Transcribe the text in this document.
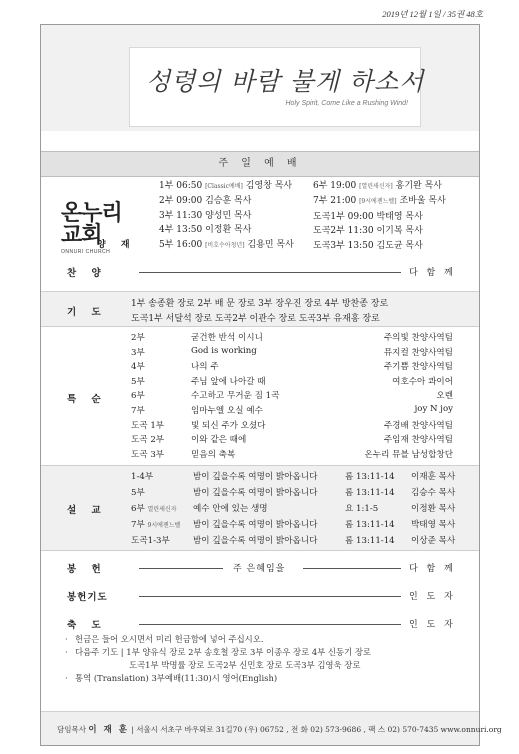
2019년 12월 1일 / 35권 48호
성령의 바람 불게 하소서
Holy Spirit, Come Like a Rushing Wind!
주 일 예 배
온누리
교회
ONNURI CHURCH
1부 06:50 [Classic예배] 김영창 목사
2부 09:00 김승훈 목사
3부 11:30 양성민 목사
4부 13:50 이정환 목사
5부 16:00 [비호수아청년] 김용민 목사
6부 19:00 [열린새신자] 홍기완 목사
7부 21:00 [9시에젠느벨] 조바울 목사
도곡1부 09:00 박태영 목사
도곡2부 11:30 이기복 목사
도곡3부 13:50 김도균 목사
양 재
찬 양	다 함 께
기 도
1부 송종환 장로 2부 배 문 장로 3부 장우진 장로 4부 방찬종 장로
도곡1부 서달석 장로 도곡2부 이관수 장로 도곡3부 유재홍 장로
특 순
2부	굳건한 반석 이시니	주의빛 찬양사역팀
3부	God is working	뮤지컬 찬양사역팀
4부	나의 주	주기쁨 찬양사역팀
5부	주님 앞에 나아갈 때	여호수아 콰이어
6부	수고하고 무거운 짐 1곡	오렌
7부	임마누엘 오실 예수	joy N joy
도곡 1부	빛 되신 주가 오셨다	주경배 찬양사역팀
도곡 2부	이와 같은 때에	주임재 찬양사역팀
도곡 3부	믿음의 축복	온누리 뮤블 남성합창단
설 교
1-4부	밤이 깊을수록 여명이 밝아옵니다	롬 13:11-14 이재훈 목사
5부	밤이 깊을수록 여명이 밝아옵니다	롬 13:11-14 김승수 목사
6부 열린새신자 예수 안에 있는 생명	요 1:1-5	이정환 목사
7부 9시에젠느벨 밤이 깊을수록 여명이 밝아옵니다	롬 13:11-14 박태영 목사
도곡1-3부	밤이 깊을수록 여명이 밝아옵니다	롬 13:11-14 이상준 목사
봉 헌	주 은혜임을	다 함 께
봉헌기도	인 도 자
축 도	인 도 자
· 헌금은 들어 오시면서 미리 헌금함에 넣어 주십시오.
· 다음주 기도 | 1부 양유식 장로 2부 송호철 장로 3부 이종우 장로 4부 신동기 장로
도곡1부 박명률 장로 도곡2부 신민호 장로 도곡3부 김영욱 장로
· 통역 (Translation) 3부예배(11:30)시 영어(English)
담임목사 이 재 훈 | 서울시 서초구 바우뫼로 31길70 (우) 06752 , 전 화 02) 573-9686 , 팩 스 02) 570-7435 www.onnuri.org
